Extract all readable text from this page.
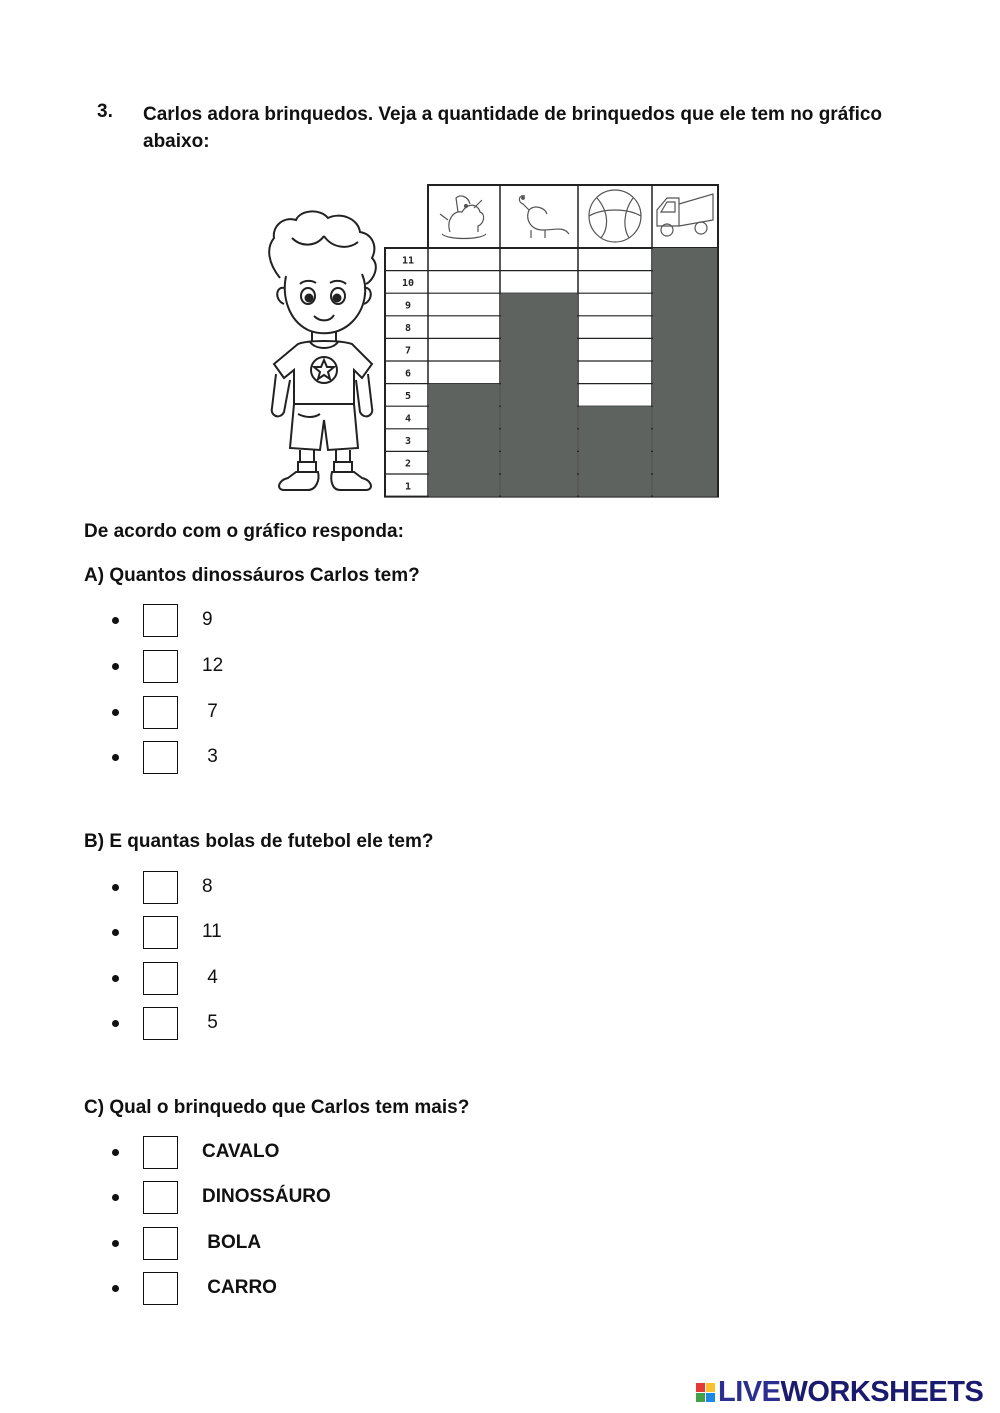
3. Carlos adora brinquedos. Veja a quantidade de brinquedos que ele tem no gráfico abaixo:
1
2
3
4
5
6
7
8
9
10
11
De acordo com o gráfico responda:
A) Quantos dinossáuros Carlos tem?
9
12
7
3
B) E quantas bolas de futebol ele tem?
8
11
4
5
C) Qual o brinquedo que Carlos tem mais?
CAVALO
DINOSSÁURO
BOLA
CARRO
LIVEWORKSHEETS
